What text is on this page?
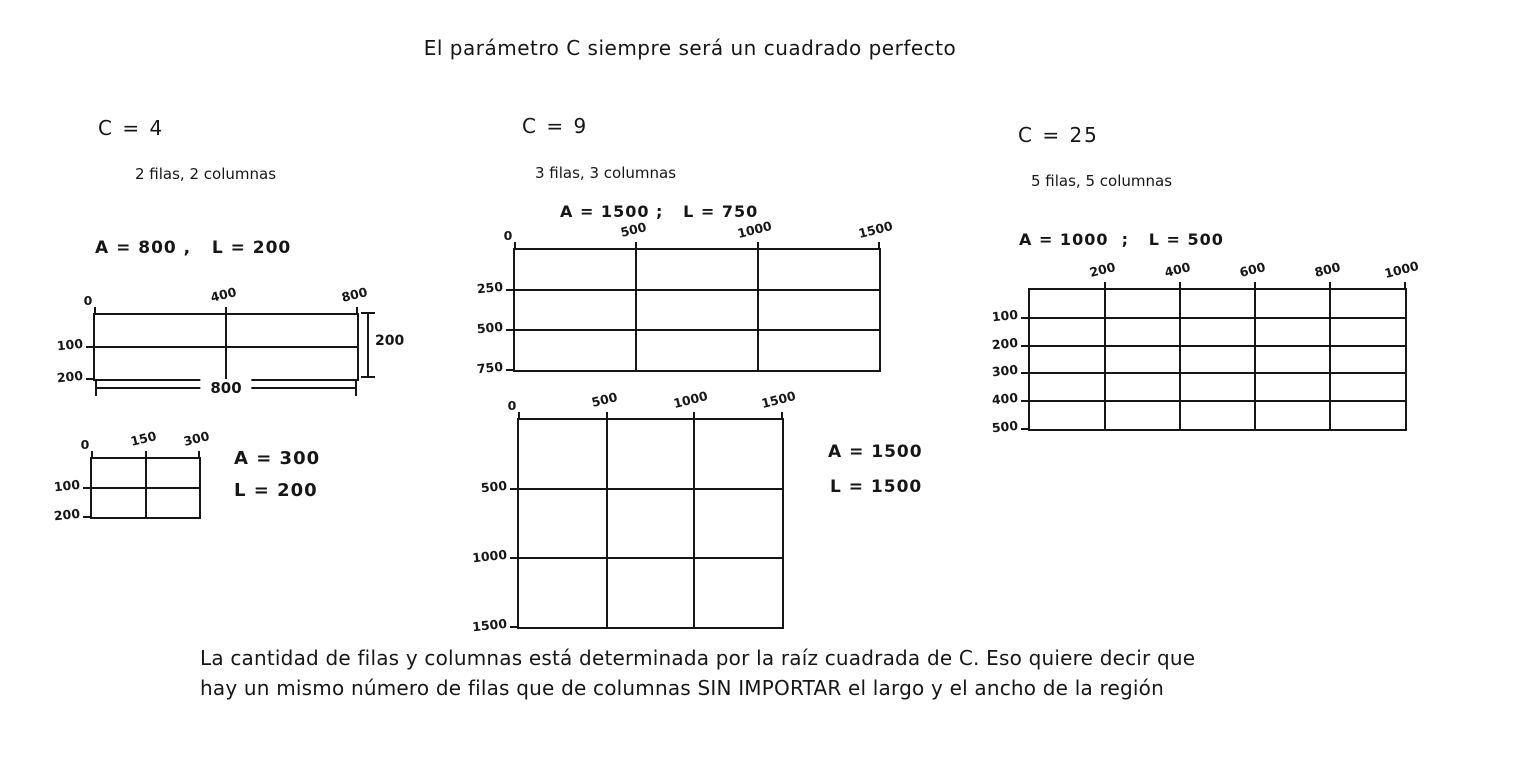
El parámetro C siempre será un cuadrado perfecto
C = 4
2 filas, 2 columnas
A = 800 ,   L = 200
0	400	800
100
200
200
800
0	150 300
100
200
A = 300
L = 200
C = 9
3 filas, 3 columnas
A = 1500 ;   L = 750
0	500	1000	1500
250
500
750
0	500	1000	1500
500
1000
1500
A = 1500
L = 1500
C = 25
5 filas, 5 columnas
A = 1000  ;   L = 500
200	400	600	800	1000
100
200
300
400
500
La cantidad de filas y columnas está determinada por la raíz cuadrada de C. Eso quiere decir que
hay un mismo número de filas que de columnas SIN IMPORTAR el largo y el ancho de la región
